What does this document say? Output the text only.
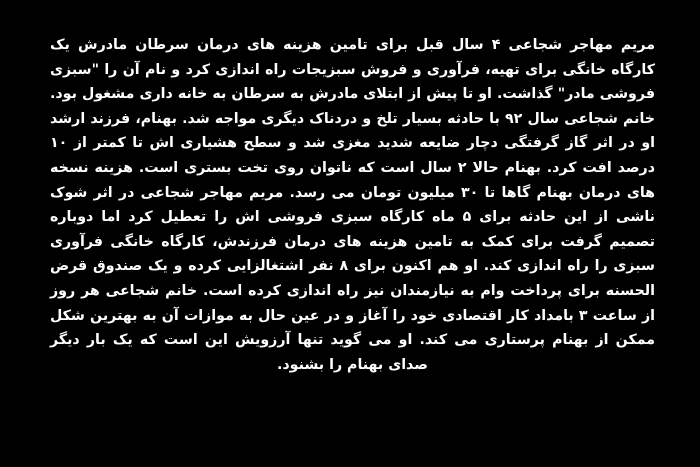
مریم مهاجر شجاعی ۴ سال قبل برای تامین هزینه های درمان سرطان مادرش یک کارگاه خانگی برای تهیه، فرآوری و فروش سبزیجات راه اندازی کرد و نام آن را "سبزی فروشی مادر" گذاشت. او تا پیش از ابتلای مادرش به سرطان به خانه داری مشغول بود. خانم شجاعی سال ۹۲ با حادثه بسیار تلخ و دردناک دیگری مواجه شد. بهنام، فرزند ارشد او در اثر گاز گرفتگی دچار ضایعه شدید مغزی شد و سطح هشیاری اش تا کمتر از ۱۰ درصد افت کرد. بهنام حالا ۲ سال است که ناتوان روی تخت بستری است. هزینه نسخه های درمان بهنام گاها تا ۳۰ میلیون تومان می رسد. مریم مهاجر شجاعی در اثر شوک ناشی از این حادثه برای ۵ ماه کارگاه سبزی فروشی اش را تعطیل کرد اما دوباره تصمیم گرفت برای کمک به تامین هزینه های درمان فرزندش، کارگاه خانگی فرآوری سبزی را راه اندازی کند. او هم اکنون برای ۸ نفر اشتغالزایی کرده و یک صندوق قرض الحسنه برای پرداخت وام به نیازمندان نیز راه اندازی کرده است. خانم شجاعی هر روز از ساعت ۳ بامداد کار اقتصادی خود را آغاز و در عین حال به موازات آن به بهترین شکل ممکن از بهنام پرستاری می کند. او می گوید تنها آرزویش این است که یک بار دیگر صدای بهنام را بشنود.
